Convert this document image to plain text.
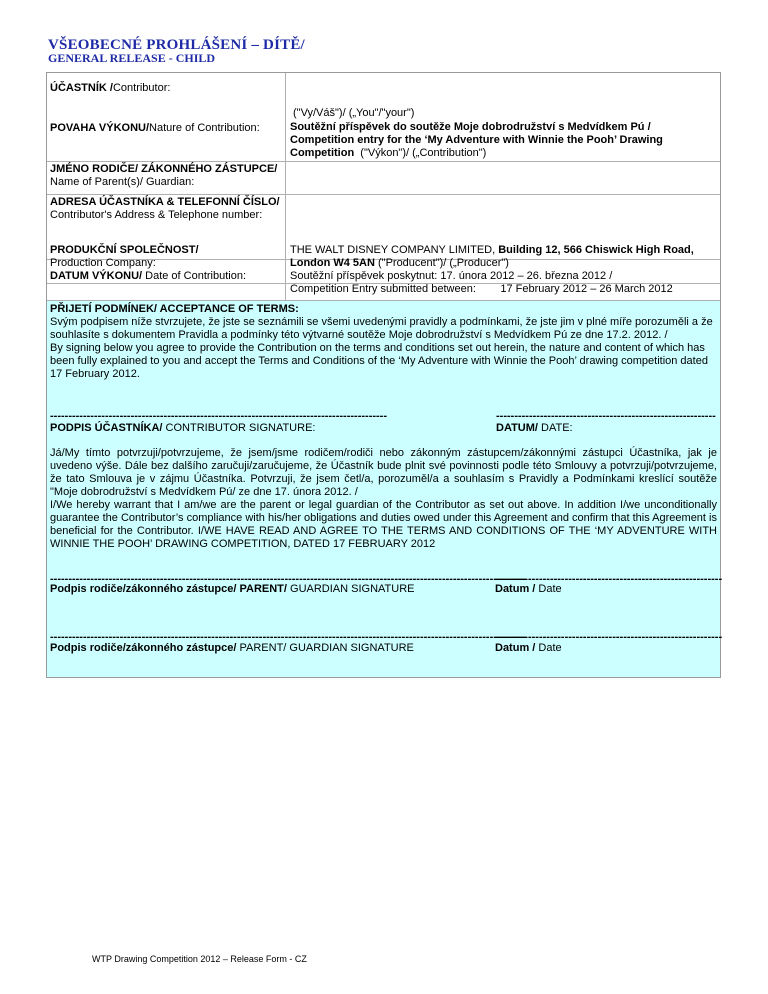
VŠEOBECNÉ PROHLÁŠENÍ – DÍTĚ/
GENERAL RELEASE - CHILD
ÚČASTNÍK /Contributor:
POVAHA VÝKONU/Nature of Contribution:
("Vy/Váš")/ („You"/"your")
Soutěžní příspěvek do soutěže Moje dobrodružství s Medvídkem Pú / Competition entry for the ‘My Adventure with Winnie the Pooh’ Drawing Competition ("Výkon")/ („Contribution")
JMÉNO RODIČE/ ZÁKONNÉHO ZÁSTUPCE/ Name of Parent(s)/ Guardian:
ADRESA ÚČASTNÍKA & TELEFONNÍ ČÍSLO/ Contributor's Address & Telephone number:
PRODUKČNÍ SPOLEČNOST/
Production Company:
THE WALT DISNEY COMPANY LIMITED, Building 12, 566 Chiswick High Road, London W4 5AN ("Producent")/ („Producer")
DATUM VÝKONU/ Date of Contribution:	Soutěžní příspěvek poskytnut: 17. února 2012 – 26. března 2012 /
Competition Entry submitted between: 17 February 2012 – 26 March 2012
PŘIJETÍ PODMÍNEK/ ACCEPTANCE OF TERMS:
Svým podpisem níže stvrzujete, že jste se seznámili se všemi uvedenými pravidly a podmínkami, že jste jim v plné míře porozuměli a že souhlasíte s dokumentem Pravidla a podmínky této výtvarné soutěže Moje dobrodružství s Medvídkem Pú ze dne 17.2. 2012. /
By signing below you agree to provide the Contribution on the terms and conditions set out herein, the nature and content of which has been fully explained to you and accept the Terms and Conditions of the ‘My Adventure with Winnie the Pooh’ drawing competition dated 17 February 2012.
--------------------------------------------------------------------------------------------
PODPIS ÚČASTNÍKA/ CONTRIBUTOR SIGNATURE:
------------------------------------------------------------
DATUM/ DATE:
Já/My tímto potvrzuji/potvrzujeme, že jsem/jsme rodičem/rodiči nebo zákonným zástupcem/zákonnými zástupci Účastníka, jak je uvedeno výše. Dále bez dalšího zaručuji/zaručujeme, že Účastník bude plnit své povinnosti podle této Smlouvy a potvrzuji/potvrzujeme, že tato Smlouva je v zájmu Účastníka. Potvrzuji, že jsem četl/a, porozuměl/a a souhlasím s Pravidly a Podmínkami kreslící soutěže "Moje dobrodružství s Medvídkem Pú/ ze dne 17. února 2012. /
I/We hereby warrant that I am/we are the parent or legal guardian of the Contributor as set out above. In addition I/we unconditionally guarantee the Contributor’s compliance with his/her obligations and duties owed under this Agreement and confirm that this Agreement is beneficial for the Contributor. I/WE HAVE READ AND AGREE TO THE TERMS AND CONDITIONS OF THE ‘MY ADVENTURE WITH WINNIE THE POOH’ DRAWING COMPETITION, DATED 17 FEBRUARY 2012
----------------------------------------------------------------------------------------------------------------------------------
Podpis rodiče/zákonného zástupce/ PARENT/ GUARDIAN SIGNATURE
--------------------------------------------------------------
Datum / Date
----------------------------------------------------------------------------------------------------------------------------------
Podpis rodiče/zákonného zástupce/ PARENT/ GUARDIAN SIGNATURE
--------------------------------------------------------------
Datum / Date
WTP Drawing Competition 2012 – Release Form - CZ
